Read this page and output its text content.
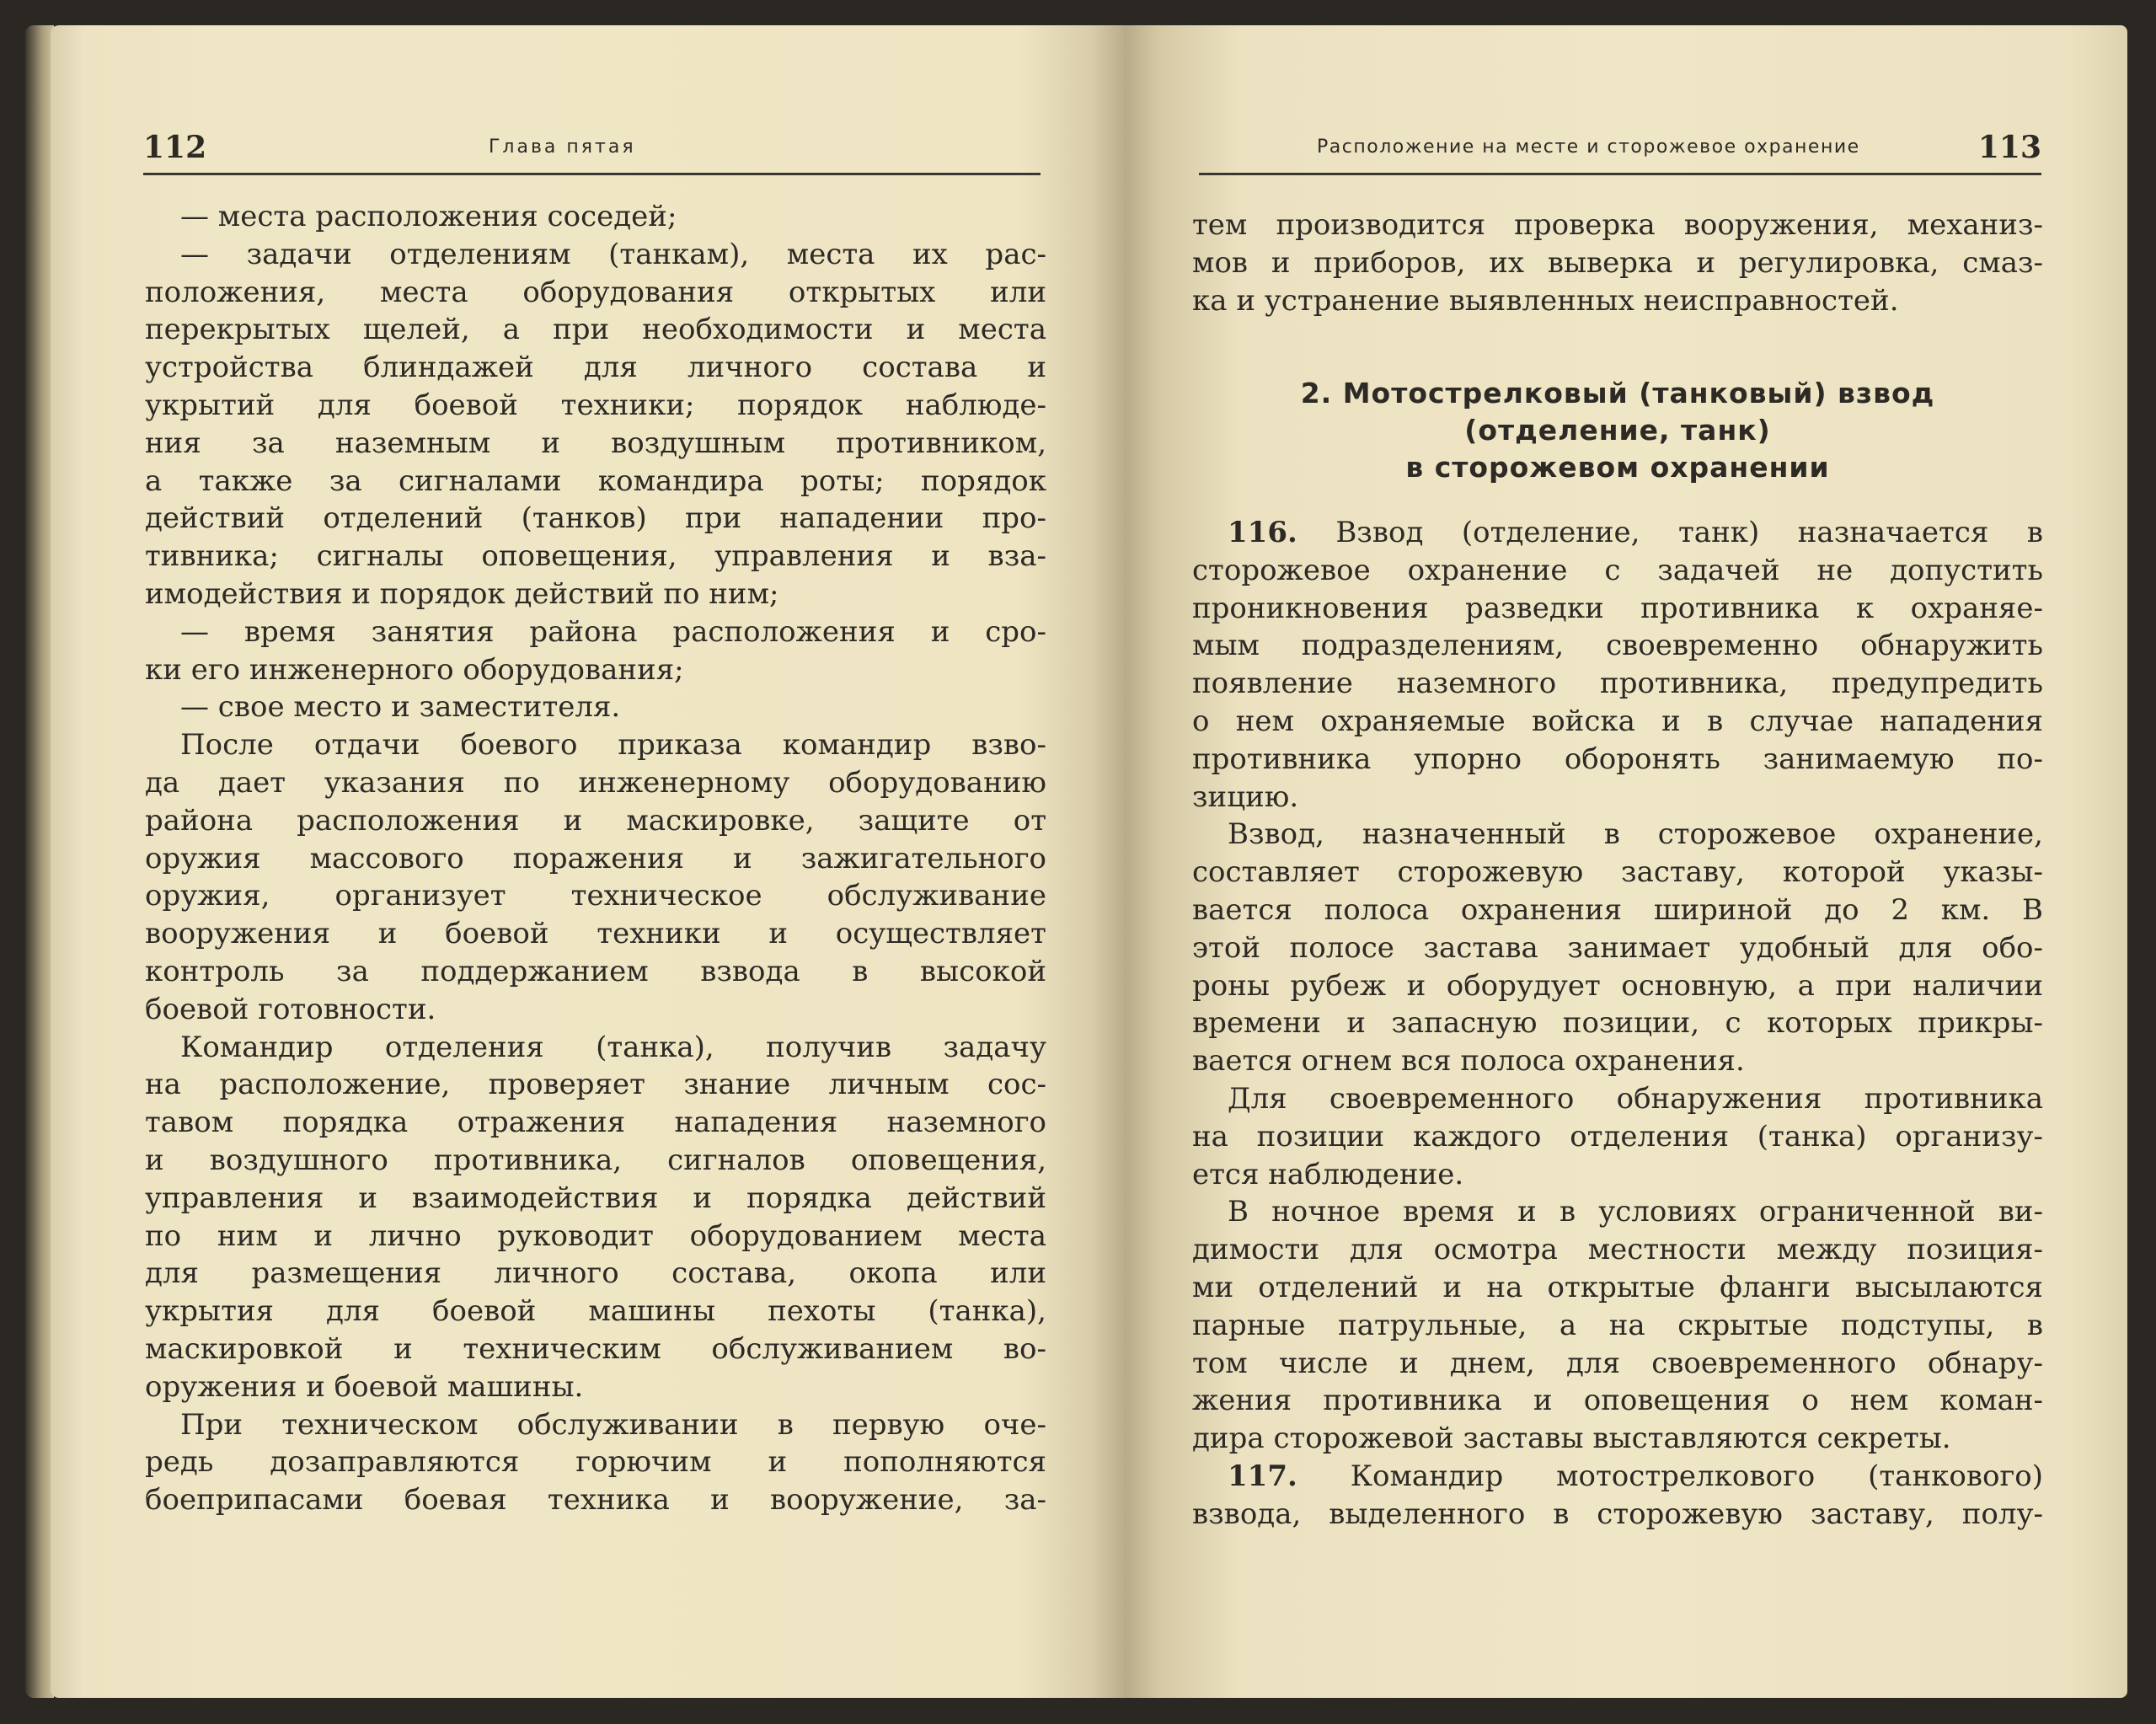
112	Глава пятая
— места расположения соседей;
— задачи отделениям (танкам), места их рас-
положения, места оборудования открытых или
перекрытых щелей, а при необходимости и места
устройства блиндажей для личного состава и
укрытий для боевой техники; порядок наблюде-
ния за наземным и воздушным противником,
а также за сигналами командира роты; порядок
действий отделений (танков) при нападении про-
тивника; сигналы оповещения, управления и вза-
имодействия и порядок действий по ним;
— время занятия района расположения и сро-
ки его инженерного оборудования;
— свое место и заместителя.
После отдачи боевого приказа командир взво-
да дает указания по инженерному оборудованию
района расположения и маскировке, защите от
оружия массового поражения и зажигательного
оружия, организует техническое обслуживание
вооружения и боевой техники и осуществляет
контроль за поддержанием взвода в высокой
боевой готовности.
Командир отделения (танка), получив задачу
на расположение, проверяет знание личным сос-
тавом порядка отражения нападения наземного
и воздушного противника, сигналов оповещения,
управления и взаимодействия и порядка действий
по ним и лично руководит оборудованием места
для размещения личного состава, окопа или
укрытия для боевой машины пехоты (танка),
маскировкой и техническим обслуживанием во-
оружения и боевой машины.
При техническом обслуживании в первую оче-
редь дозаправляются горючим и пополняются
боеприпасами боевая техника и вооружение, за-
Расположение на месте и сторожевое охранение	113
тем производится проверка вооружения, механиз-
мов и приборов, их выверка и регулировка, смаз-
ка и устранение выявленных неисправностей.
2. Мотострелковый (танковый) взвод
(отделение, танк)
в сторожевом охранении
116. Взвод (отделение, танк) назначается в
сторожевое охранение с задачей не допустить
проникновения разведки противника к охраняе-
мым подразделениям, своевременно обнаружить
появление наземного противника, предупредить
о нем охраняемые войска и в случае нападения
противника упорно оборонять занимаемую по-
зицию.
Взвод, назначенный в сторожевое охранение,
составляет сторожевую заставу, которой указы-
вается полоса охранения шириной до 2 км. В
этой полосе застава занимает удобный для обо-
роны рубеж и оборудует основную, а при наличии
времени и запасную позиции, с которых прикры-
вается огнем вся полоса охранения.
Для своевременного обнаружения противника
на позиции каждого отделения (танка) организу-
ется наблюдение.
В ночное время и в условиях ограниченной ви-
димости для осмотра местности между позиция-
ми отделений и на открытые фланги высылаются
парные патрульные, а на скрытые подступы, в
том числе и днем, для своевременного обнару-
жения противника и оповещения о нем коман-
дира сторожевой заставы выставляются секреты.
117. Командир мотострелкового (танкового)
взвода, выделенного в сторожевую заставу, полу-
